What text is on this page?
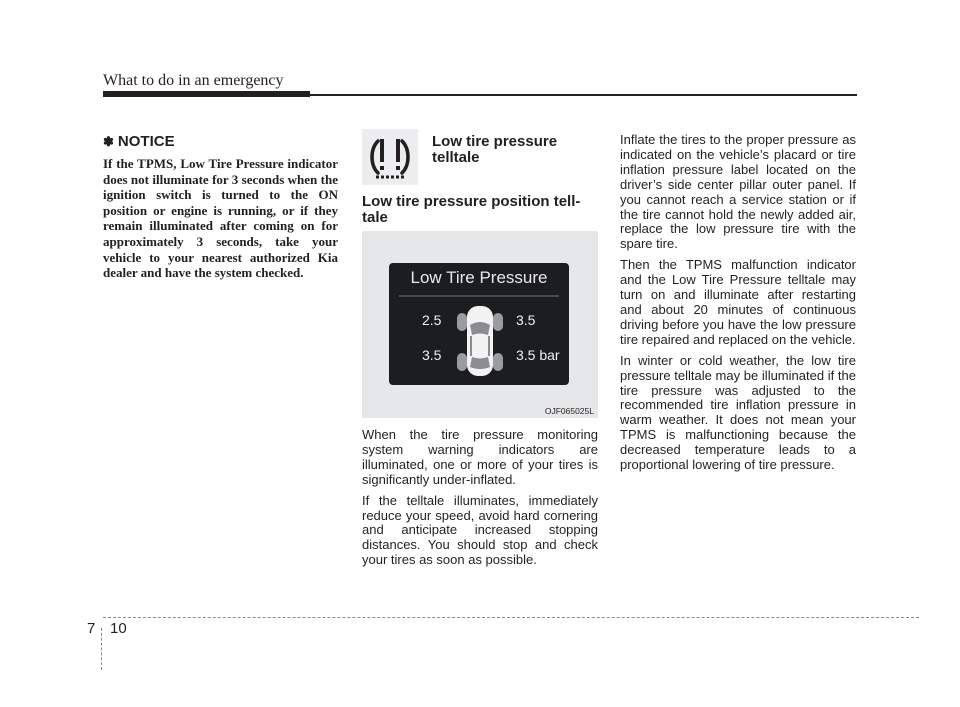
What to do in an emergency
✽ NOTICE

If the TPMS, Low Tire Pressure indicator does not illuminate for 3 seconds when the ignition switch is turned to the ON position or engine is running, or if they remain illuminated after coming on for approximately 3 seconds, take your vehicle to your nearest authorized Kia dealer and have the system checked.

Low tire pressure
telltale
Low tire pressure position tell-
tale
Low Tire Pressure
2.5	3.5
3.5	3.5 bar
OJF065025L

When the tire pressure monitoring system warning indicators are illuminated, one or more of your tires is significantly under-inflated.

If the telltale illuminates, immediately reduce your speed, avoid hard cornering and anticipate increased stopping distances. You should stop and check your tires as soon as possible.

Inflate the tires to the proper pressure as indicated on the vehicle’s placard or tire inflation pressure label located on the driver’s side center pillar outer panel. If you cannot reach a service station or if the tire cannot hold the newly added air, replace the low pressure tire with the spare tire.

Then the TPMS malfunction indicator and the Low Tire Pressure telltale may turn on and illuminate after restarting and about 20 minutes of continuous driving before you have the low pressure tire repaired and replaced on the vehicle.

In winter or cold weather, the low tire pressure telltale may be illuminated if the tire pressure was adjusted to the recommended tire inflation pressure in warm weather. It does not mean your TPMS is malfunctioning because the decreased temperature leads to a proportional lowering of tire pressure.

7 10
